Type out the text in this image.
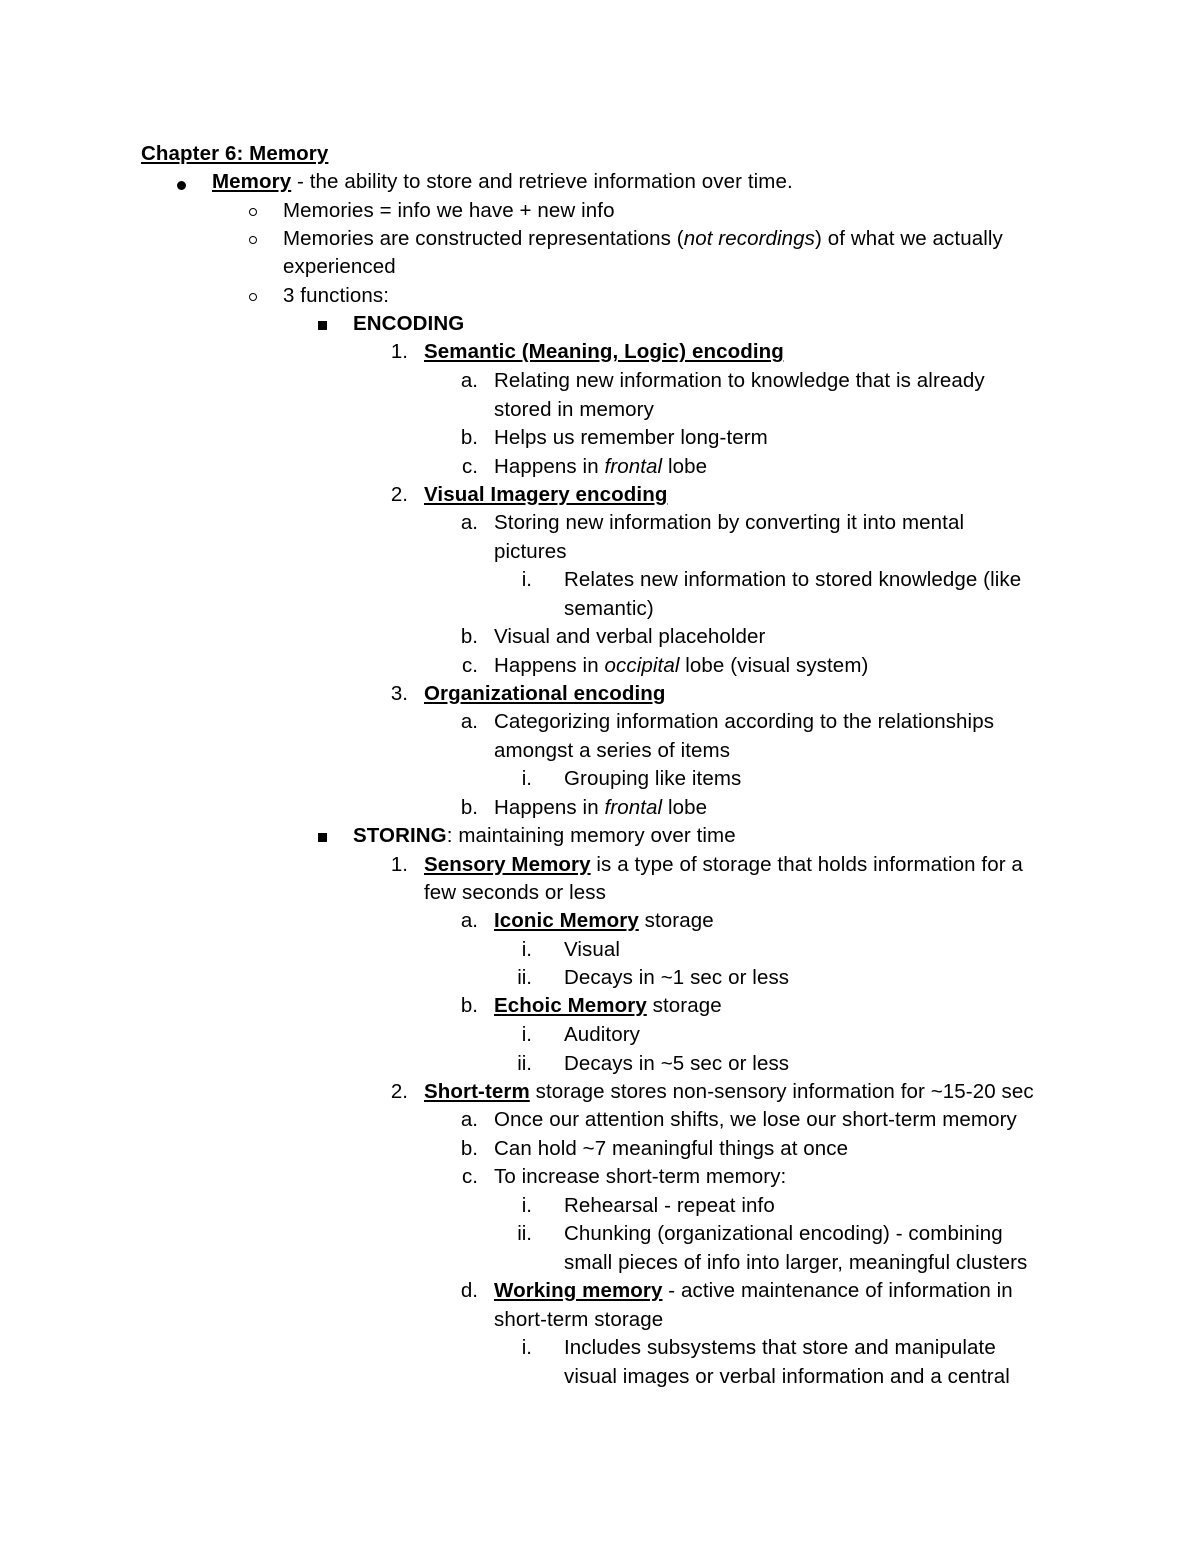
Chapter 6: Memory
Memory - the ability to store and retrieve information over time.
Memories = info we have + new info
Memories are constructed representations (not recordings) of what we actually
experienced
3 functions:
ENCODING
1. Semantic (Meaning, Logic) encoding
a. Relating new information to knowledge that is already
stored in memory
b. Helps us remember long-term
c. Happens in frontal lobe
2. Visual Imagery encoding
a. Storing new information by converting it into mental
pictures
i. Relates new information to stored knowledge (like
semantic)
b. Visual and verbal placeholder
c. Happens in occipital lobe (visual system)
3. Organizational encoding
a. Categorizing information according to the relationships
amongst a series of items
i. Grouping like items
b. Happens in frontal lobe
STORING: maintaining memory over time
1. Sensory Memory is a type of storage that holds information for a
few seconds or less
a. Iconic Memory storage
i. Visual
ii. Decays in ~1 sec or less
b. Echoic Memory storage
i. Auditory
ii. Decays in ~5 sec or less
2. Short-term storage stores non-sensory information for ~15-20 sec
a. Once our attention shifts, we lose our short-term memory
b. Can hold ~7 meaningful things at once
c. To increase short-term memory:
i. Rehearsal - repeat info
ii. Chunking (organizational encoding) - combining
small pieces of info into larger, meaningful clusters
d. Working memory - active maintenance of information in
short-term storage
i. Includes subsystems that store and manipulate
visual images or verbal information and a central
